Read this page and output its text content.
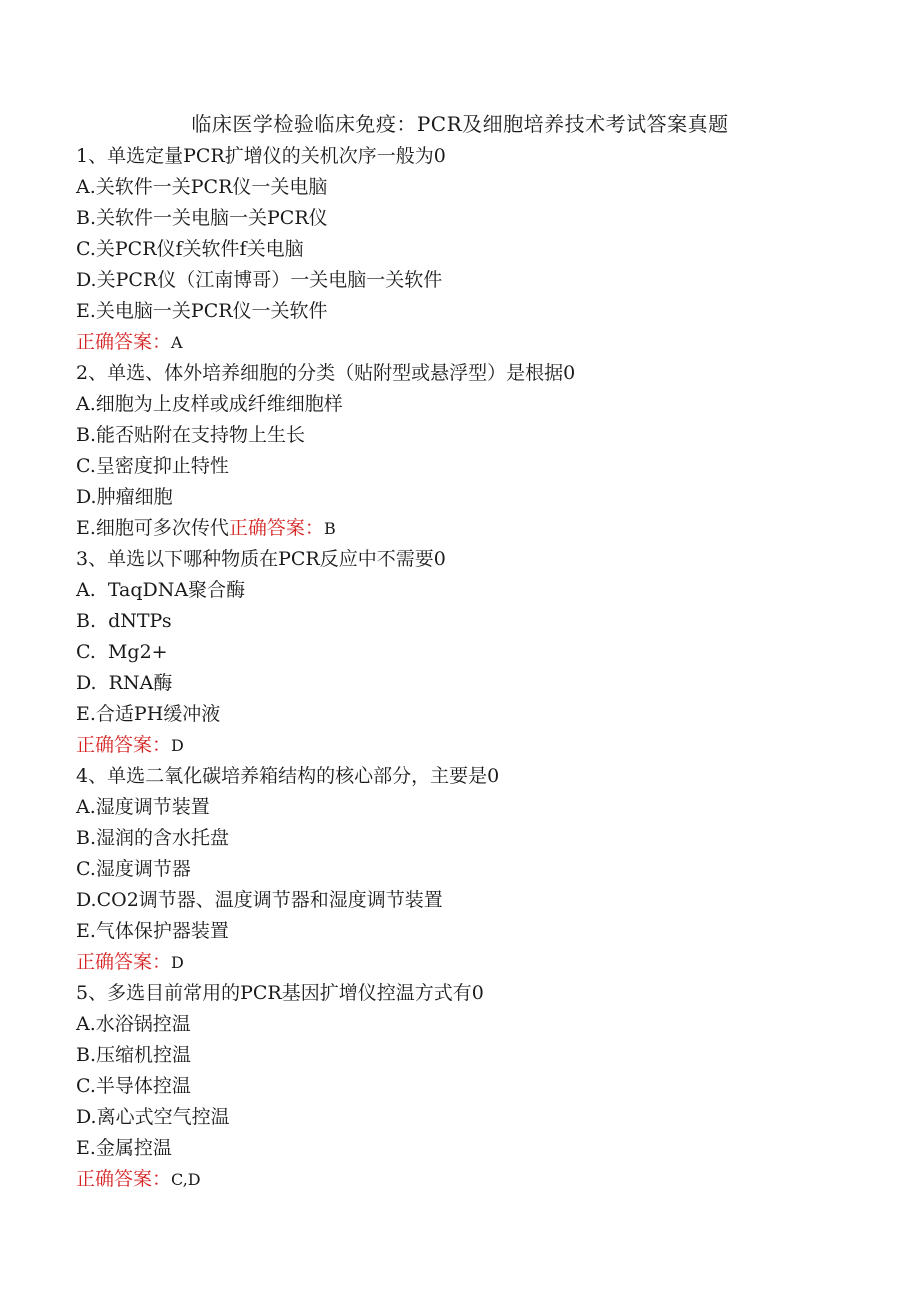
临床医学检验临床免疫：PCR及细胞培养技术考试答案真题
1、单选定量PCR扩增仪的关机次序一般为0
A.关软件一关PCR仪一关电脑
B.关软件一关电脑一关PCR仪
C.关PCR仪f关软件f关电脑
D.关PCR仪（江南博哥）一关电脑一关软件
E.关电脑一关PCR仪一关软件
正确答案：A
2、单选、体外培养细胞的分类（贴附型或悬浮型）是根据0
A.细胞为上皮样或成纤维细胞样
B.能否贴附在支持物上生长
C.呈密度抑止特性
D.肿瘤细胞
E.细胞可多次传代正确答案：B
3、单选以下哪种物质在PCR反应中不需要0
A.  TaqDNA聚合酶
B.  dNTPs
C.  Mg2+
D.  RNA酶
E.合适PH缓冲液
正确答案：D
4、单选二氧化碳培养箱结构的核心部分，主要是0
A.湿度调节装置
B.湿润的含水托盘
C.湿度调节器
D.CO2调节器、温度调节器和湿度调节装置
E.气体保护器装置
正确答案：D
5、多选目前常用的PCR基因扩增仪控温方式有0
A.水浴锅控温
B.压缩机控温
C.半导体控温
D.离心式空气控温
E.金属控温
正确答案：C,D
